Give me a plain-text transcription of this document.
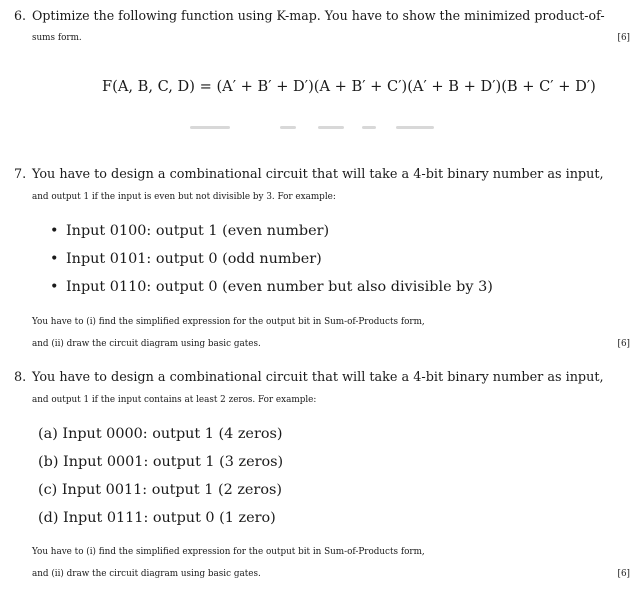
6. Optimize the following function using K-map. You have to show the minimized product-of-
sums form.	[6]
F(A, B, C, D) = (A′ + B′ + D′)(A + B′ + C′)(A′ + B + D′)(B + C′ + D′)
7. You have to design a combinational circuit that will take a 4-bit binary number as input,
and output 1 if the input is even but not divisible by 3. For example:
• Input 0100: output 1 (even number)
• Input 0101: output 0 (odd number)
• Input 0110: output 0 (even number but also divisible by 3)
You have to (i) find the simplified expression for the output bit in Sum-of-Products form,
and (ii) draw the circuit diagram using basic gates.	[6]
8. You have to design a combinational circuit that will take a 4-bit binary number as input,
and output 1 if the input contains at least 2 zeros. For example:
(a) Input 0000: output 1 (4 zeros)
(b) Input 0001: output 1 (3 zeros)
(c) Input 0011: output 1 (2 zeros)
(d) Input 0111: output 0 (1 zero)
You have to (i) find the simplified expression for the output bit in Sum-of-Products form,
and (ii) draw the circuit diagram using basic gates.	[6]
